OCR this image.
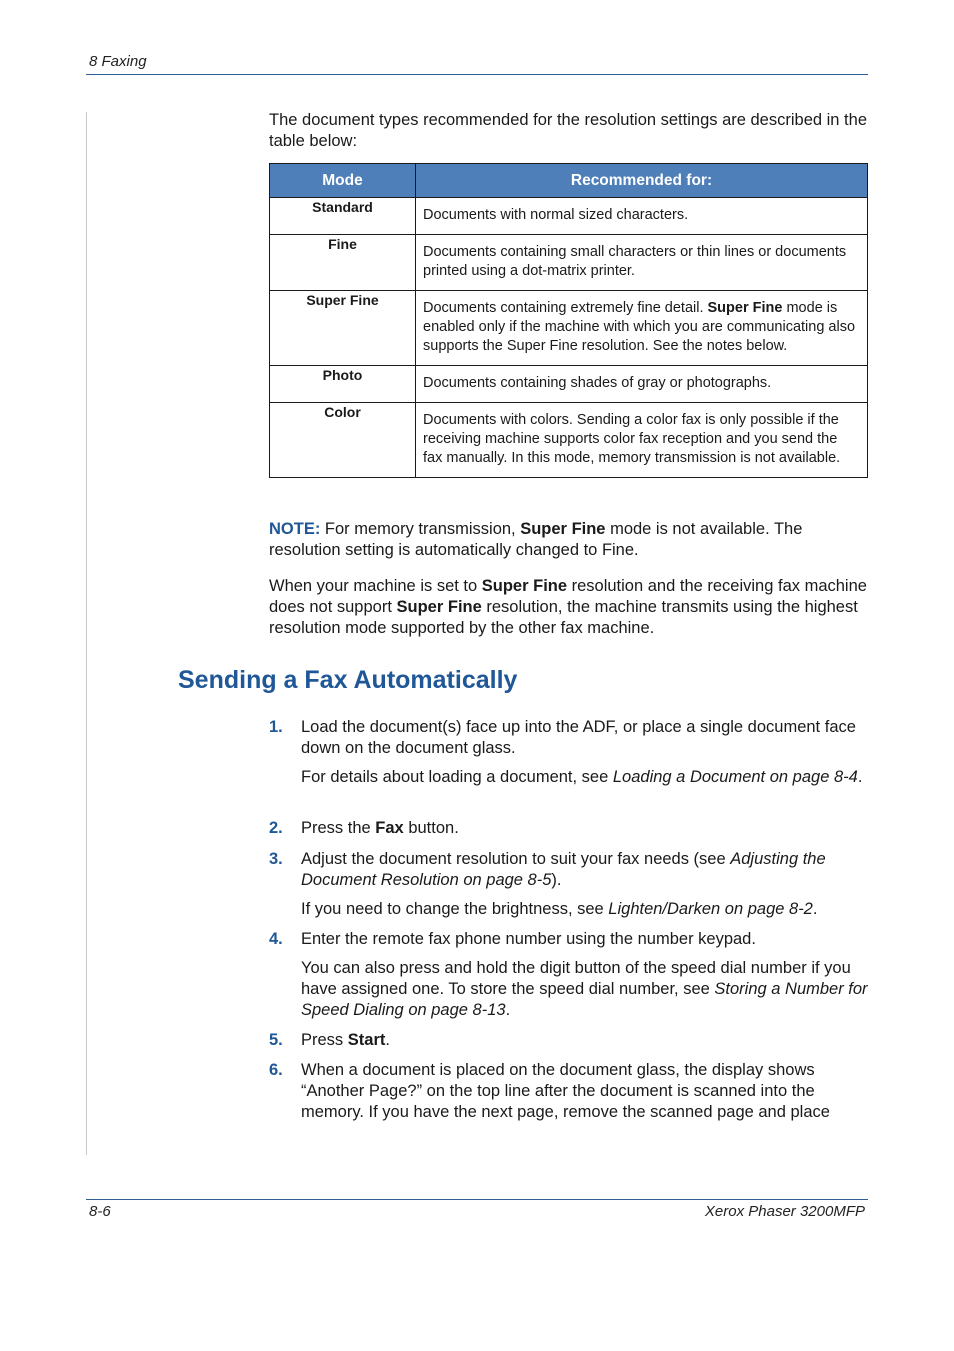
8 Faxing

The document types recommended for the resolution settings are described in the table below:

Mode	Recommended for:
Standard	Documents with normal sized characters.
Fine	Documents containing small characters or thin lines or documents printed using a dot-matrix printer.
Super Fine	Documents containing extremely fine detail. Super Fine mode is enabled only if the machine with which you are communicating also supports the Super Fine resolution. See the notes below.
Photo	Documents containing shades of gray or photographs.
Color	Documents with colors. Sending a color fax is only possible if the receiving machine supports color fax reception and you send the fax manually. In this mode, memory transmission is not available.

NOTE: For memory transmission, Super Fine mode is not available. The resolution setting is automatically changed to Fine.

When your machine is set to Super Fine resolution and the receiving fax machine does not support Super Fine resolution, the machine transmits using the highest resolution mode supported by the other fax machine.

Sending a Fax Automatically
1. Load the document(s) face up into the ADF, or place a single document face down on the document glass.
For details about loading a document, see Loading a Document on page 8-4.
2. Press the Fax button.
3. Adjust the document resolution to suit your fax needs (see Adjusting the Document Resolution on page 8-5).
If you need to change the brightness, see Lighten/Darken on page 8-2.
4. Enter the remote fax phone number using the number keypad.
You can also press and hold the digit button of the speed dial number if you have assigned one. To store the speed dial number, see Storing a Number for Speed Dialing on page 8-13.
5. Press Start.
6. When a document is placed on the document glass, the display shows “Another Page?” on the top line after the document is scanned into the memory. If you have the next page, remove the scanned page and place
8-6	Xerox Phaser 3200MFP
